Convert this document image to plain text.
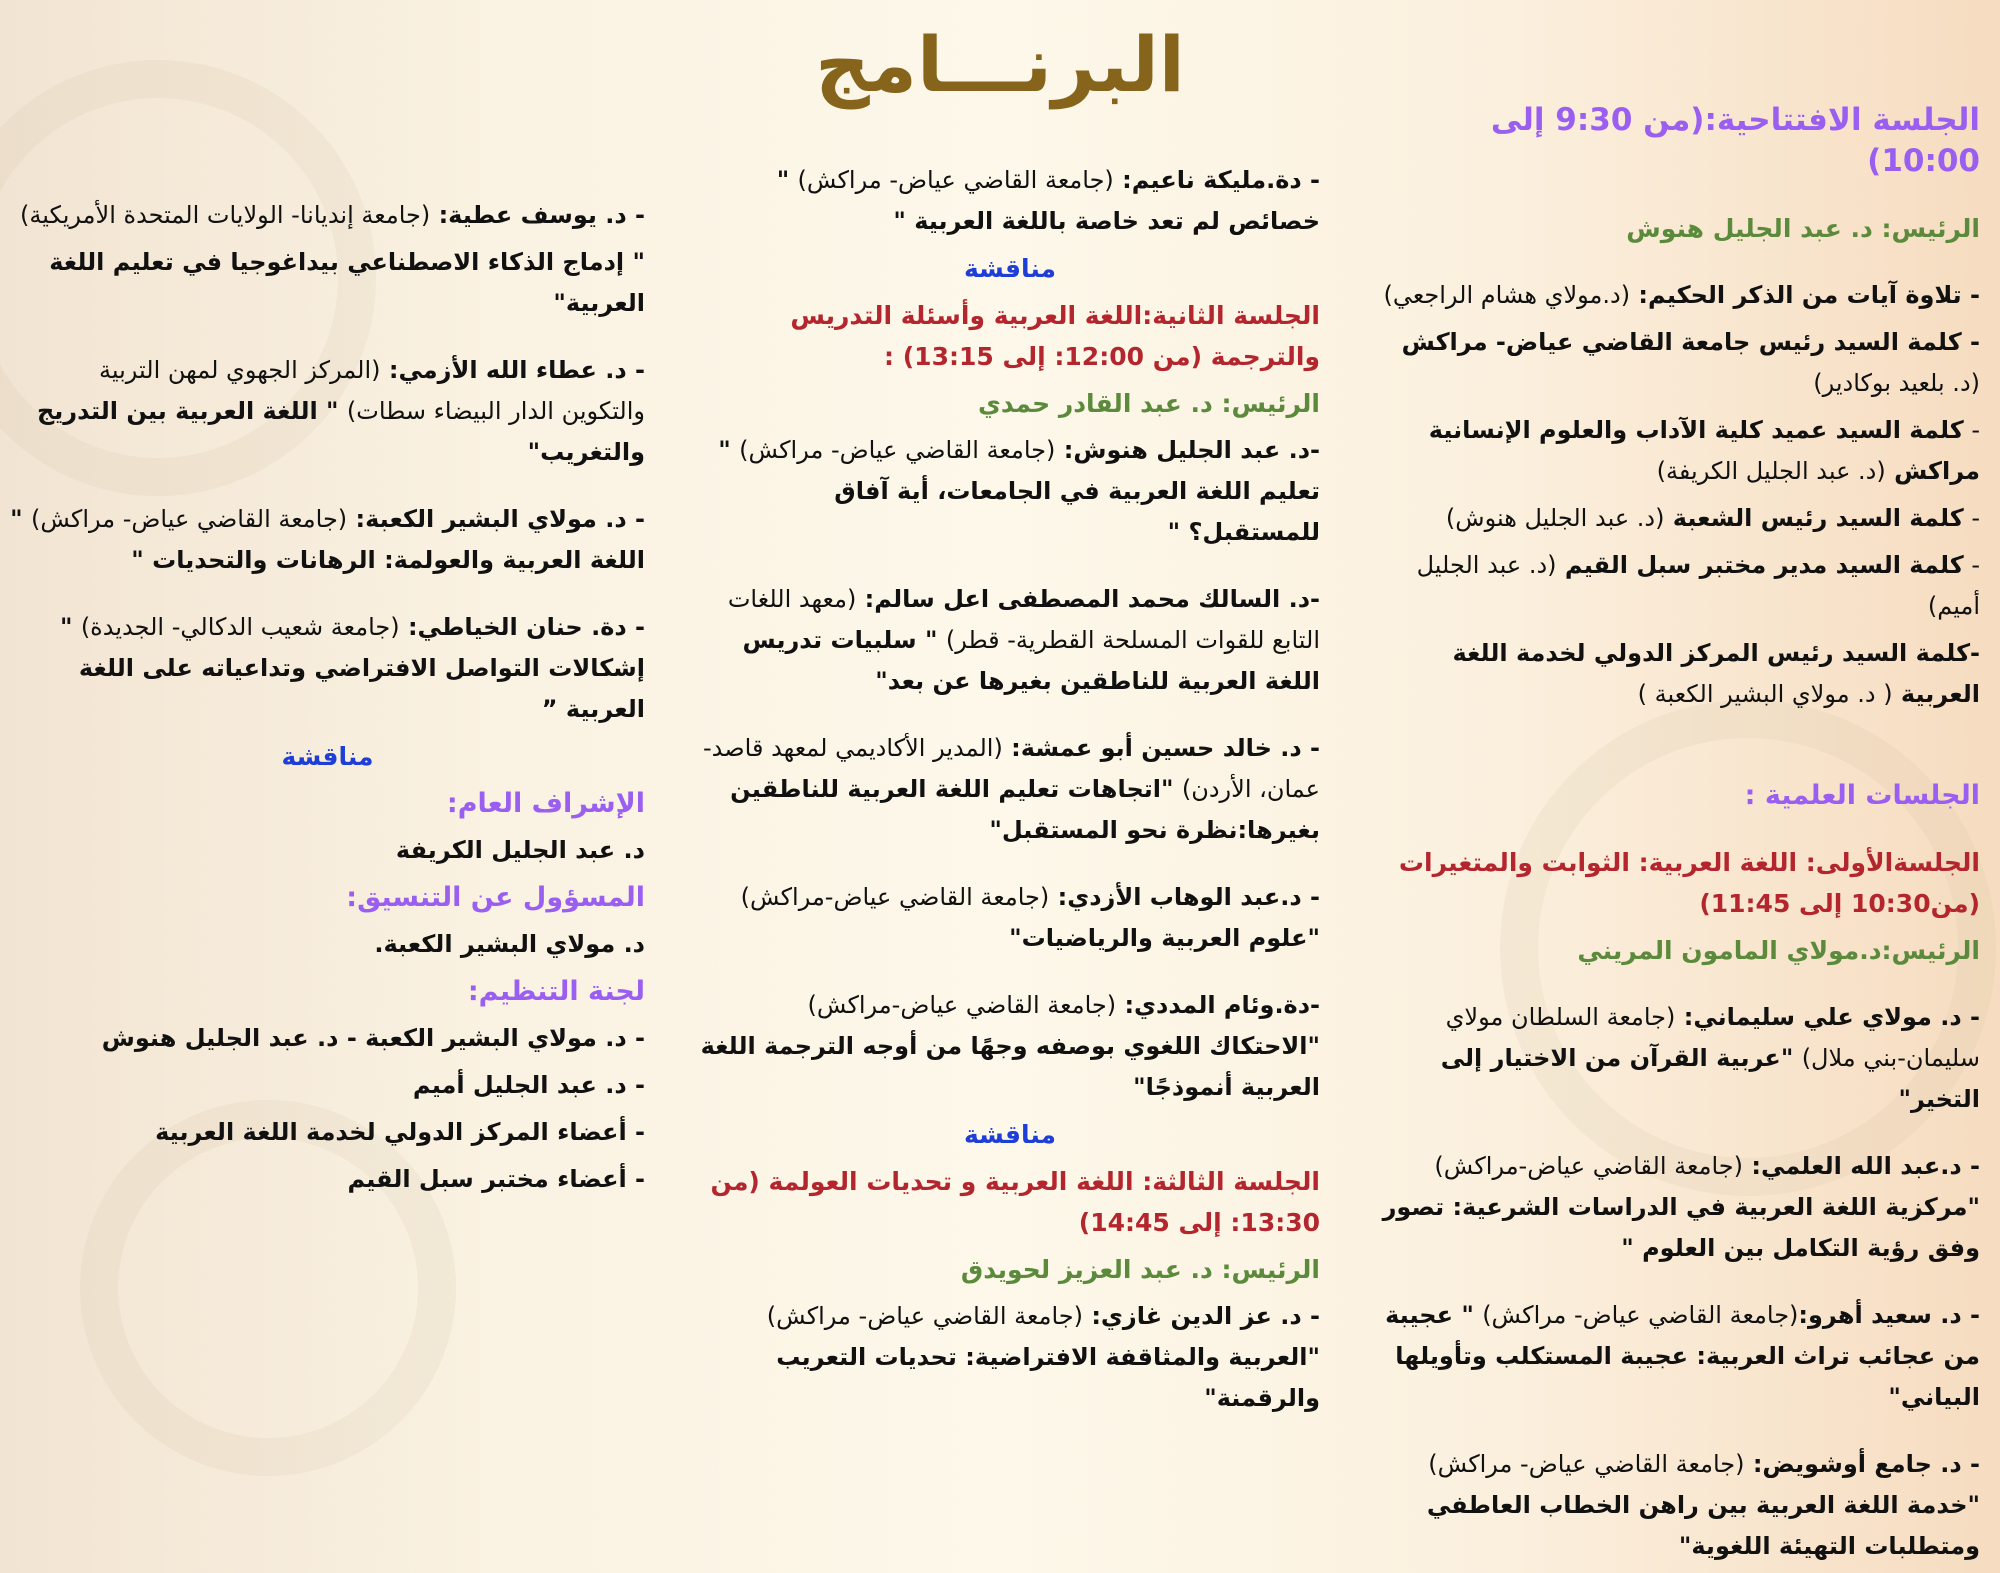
البرنـــامج

الجلسة الافتتاحية:(من 9:30 إلى 10:00)

الرئيس: د. عبد الجليل هنوش

- تلاوة آيات من الذكر الحكيم: (د.مولاي هشام الراجعي)

- كلمة السيد رئيس جامعة القاضي عياض- مراكش (د. بلعيد بوكادير)

- كلمة السيد عميد كلية الآداب والعلوم الإنسانية مراكش (د. عبد الجليل الكريفة)

- كلمة السيد رئيس الشعبة (د. عبد الجليل هنوش)

- كلمة السيد مدير مختبر سبل القيم (د. عبد الجليل أميم)

-كلمة السيد رئيس المركز الدولي لخدمة اللغة العربية ( د. مولاي البشير الكعبة )

الجلسات العلمية :

الجلسةالأولى: اللغة العربية: الثوابت والمتغيرات (من10:30 إلى 11:45)

الرئيس:د.مولاي المامون المريني

- د. مولاي علي سليماني: (جامعة السلطان مولاي سليمان-بني ملال) "عربية القرآن من الاختيار إلى التخير"

- د.عبد الله العلمي: (جامعة القاضي عياض-مراكش) "مركزية اللغة العربية في الدراسات الشرعية: تصور وفق رؤية التكامل بين العلوم "

- د. سعيد أهرو:(جامعة القاضي عياض- مراكش) " عجيبة من عجائب تراث العربية: عجيبة المستكلب وتأويلها البياني"

- د. جامع أوشويض: (جامعة القاضي عياض- مراكش) "خدمة اللغة العربية بين راهن الخطاب العاطفي ومتطلبات التهيئة اللغوية"

- دة.مليكة ناعيم: (جامعة القاضي عياض- مراكش) " خصائص لم تعد خاصة باللغة العربية "

مناقشة

الجلسة الثانية:اللغة العربية وأسئلة التدريس والترجمة (من 12:00: إلى 13:15) :

الرئيس: د. عبد القادر حمدي

-د. عبد الجليل هنوش: (جامعة القاضي عياض- مراكش) " تعليم اللغة العربية في الجامعات، أية آفاق للمستقبل؟ "

-د. السالك محمد المصطفى اعل سالم: (معهد اللغات التابع للقوات المسلحة القطرية- قطر) " سلبيات تدريس اللغة العربية للناطقين بغيرها عن بعد"

- د. خالد حسين أبو عمشة: (المدير الأكاديمي لمعهد قاصد-عمان، الأردن) "اتجاهات تعليم اللغة العربية للناطقين بغيرها:نظرة نحو المستقبل"

- د.عبد الوهاب الأزدي: (جامعة القاضي عياض-مراكش) "علوم العربية والرياضيات"

-دة.وئام المددي: (جامعة القاضي عياض-مراكش) "الاحتكاك اللغوي بوصفه وجهًا من أوجه الترجمة اللغة العربية أنموذجًا"

مناقشة

الجلسة الثالثة: اللغة العربية و تحديات العولمة (من 13:30: إلى 14:45)

الرئيس: د. عبد العزيز لحويدق

- د. عز الدين غازي: (جامعة القاضي عياض- مراكش) "العربية والمثاقفة الافتراضية: تحديات التعريب والرقمنة"

- د. يوسف عطية: (جامعة إنديانا- الولايات المتحدة الأمريكية)

" إدماج الذكاء الاصطناعي بيداغوجيا في تعليم اللغة العربية"

- د. عطاء الله الأزمي: (المركز الجهوي لمهن التربية والتكوين الدار البيضاء سطات) " اللغة العربية بين التدريج والتغريب"

- د. مولاي البشير الكعبة: (جامعة القاضي عياض- مراكش) " اللغة العربية والعولمة: الرهانات والتحديات "

- دة. حنان الخياطي: (جامعة شعيب الدكالي- الجديدة) " إشكالات التواصل الافتراضي وتداعياته على اللغة العربية ”

مناقشة

الإشراف العام:

د. عبد الجليل الكريفة

المسؤول عن التنسيق:

د. مولاي البشير الكعبة.

لجنة التنظيم:

- د. مولاي البشير الكعبة - د. عبد الجليل هنوش

- د. عبد الجليل أميم

- أعضاء المركز الدولي لخدمة اللغة العربية

- أعضاء مختبر سبل القيم
